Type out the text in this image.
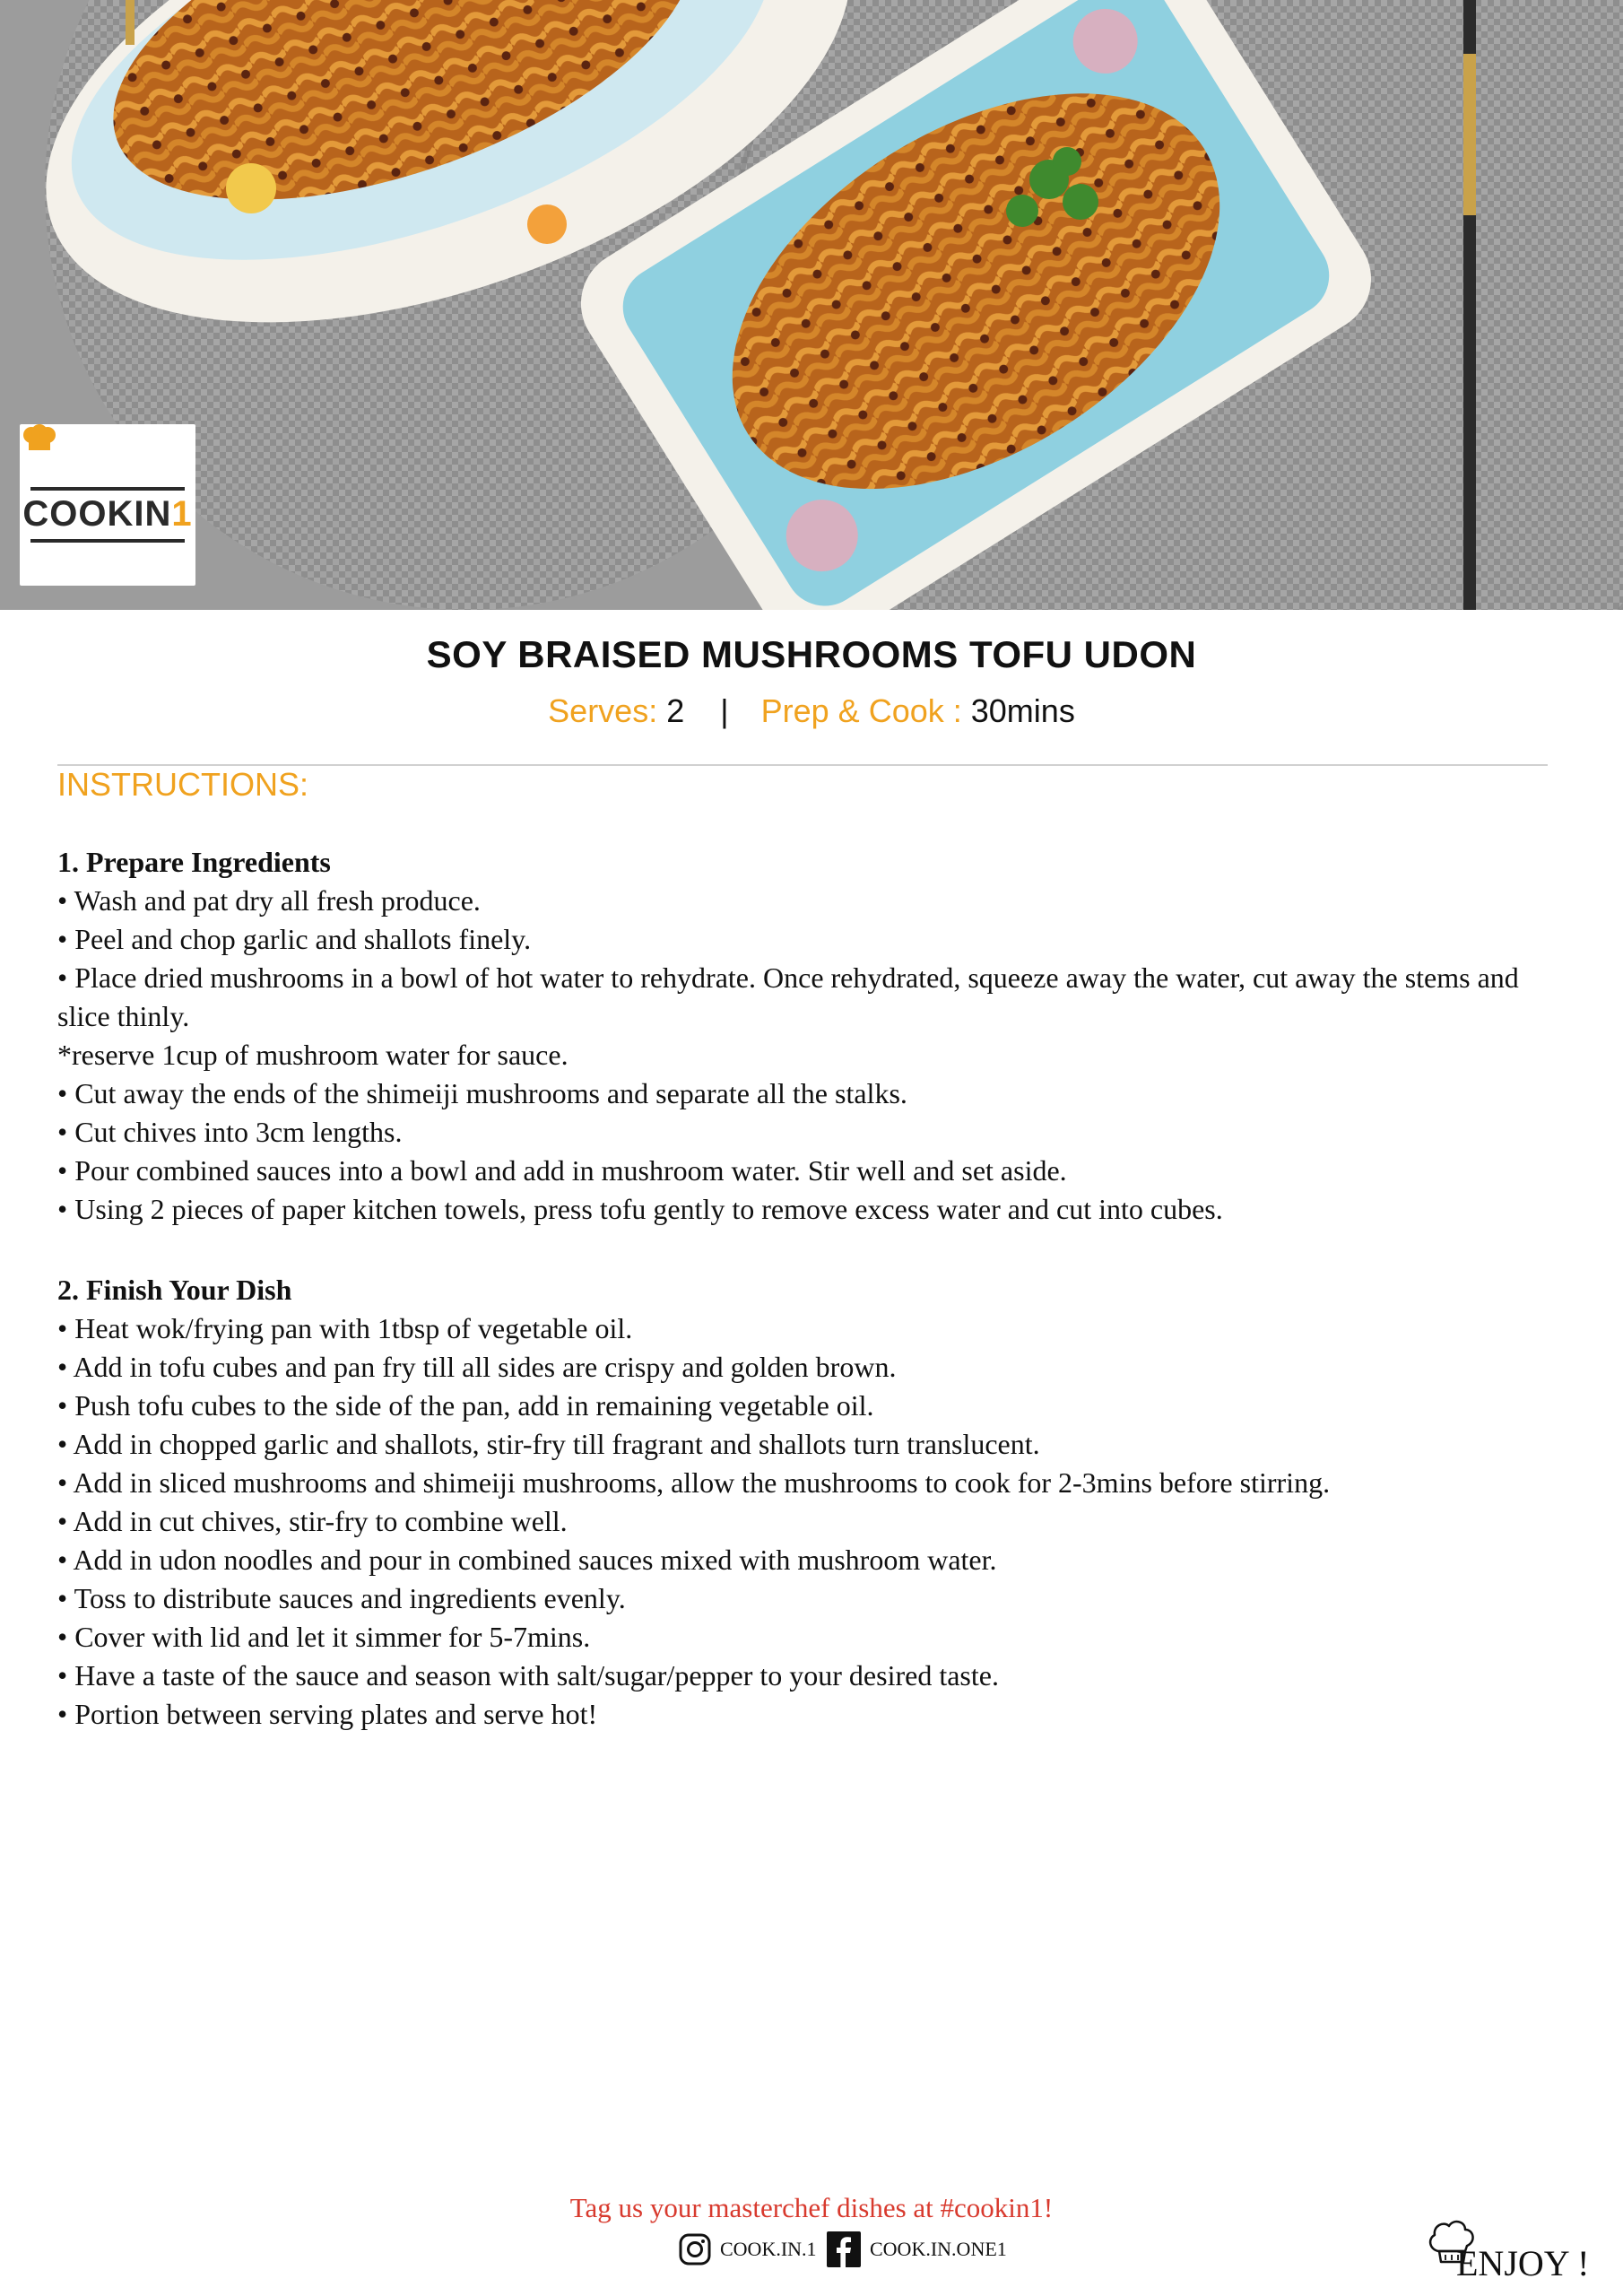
COOKIN1
SOY BRAISED MUSHROOMS TOFU UDON
Serves: 2 | Prep & Cook : 30mins
INSTRUCTIONS:
1. Prepare Ingredients
• Wash and pat dry all fresh produce.
• Peel and chop garlic and shallots finely.
• Place dried mushrooms in a bowl of hot water to rehydrate. Once rehydrated, squeeze away the water, cut away the stems and slice thinly.
*reserve 1cup of mushroom water for sauce.
• Cut away the ends of the shimeiji mushrooms and separate all the stalks.
• Cut chives into 3cm lengths.
• Pour combined sauces into a bowl and add in mushroom water. Stir well and set aside.
• Using 2 pieces of paper kitchen towels, press tofu gently to remove excess water and cut into cubes.
2. Finish Your Dish
• Heat wok/frying pan with 1tbsp of vegetable oil.
• Add in tofu cubes and pan fry till all sides are crispy and golden brown.
• Push tofu cubes to the side of the pan, add in remaining vegetable oil.
• Add in chopped garlic and shallots, stir-fry till fragrant and shallots turn translucent.
• Add in sliced mushrooms and shimeiji mushrooms, allow the mushrooms to cook for 2-3mins before stirring.
• Add in cut chives, stir-fry to combine well.
• Add in udon noodles and pour in combined sauces mixed with mushroom water.
• Toss to distribute sauces and ingredients evenly.
• Cover with lid and let it simmer for 5-7mins.
• Have a taste of the sauce and season with salt/sugar/pepper to your desired taste.
• Portion between serving plates and serve hot!
Tag us your masterchef dishes at #cookin1!
COOK.IN.1	COOK.IN.ONE1	ENJOY !
